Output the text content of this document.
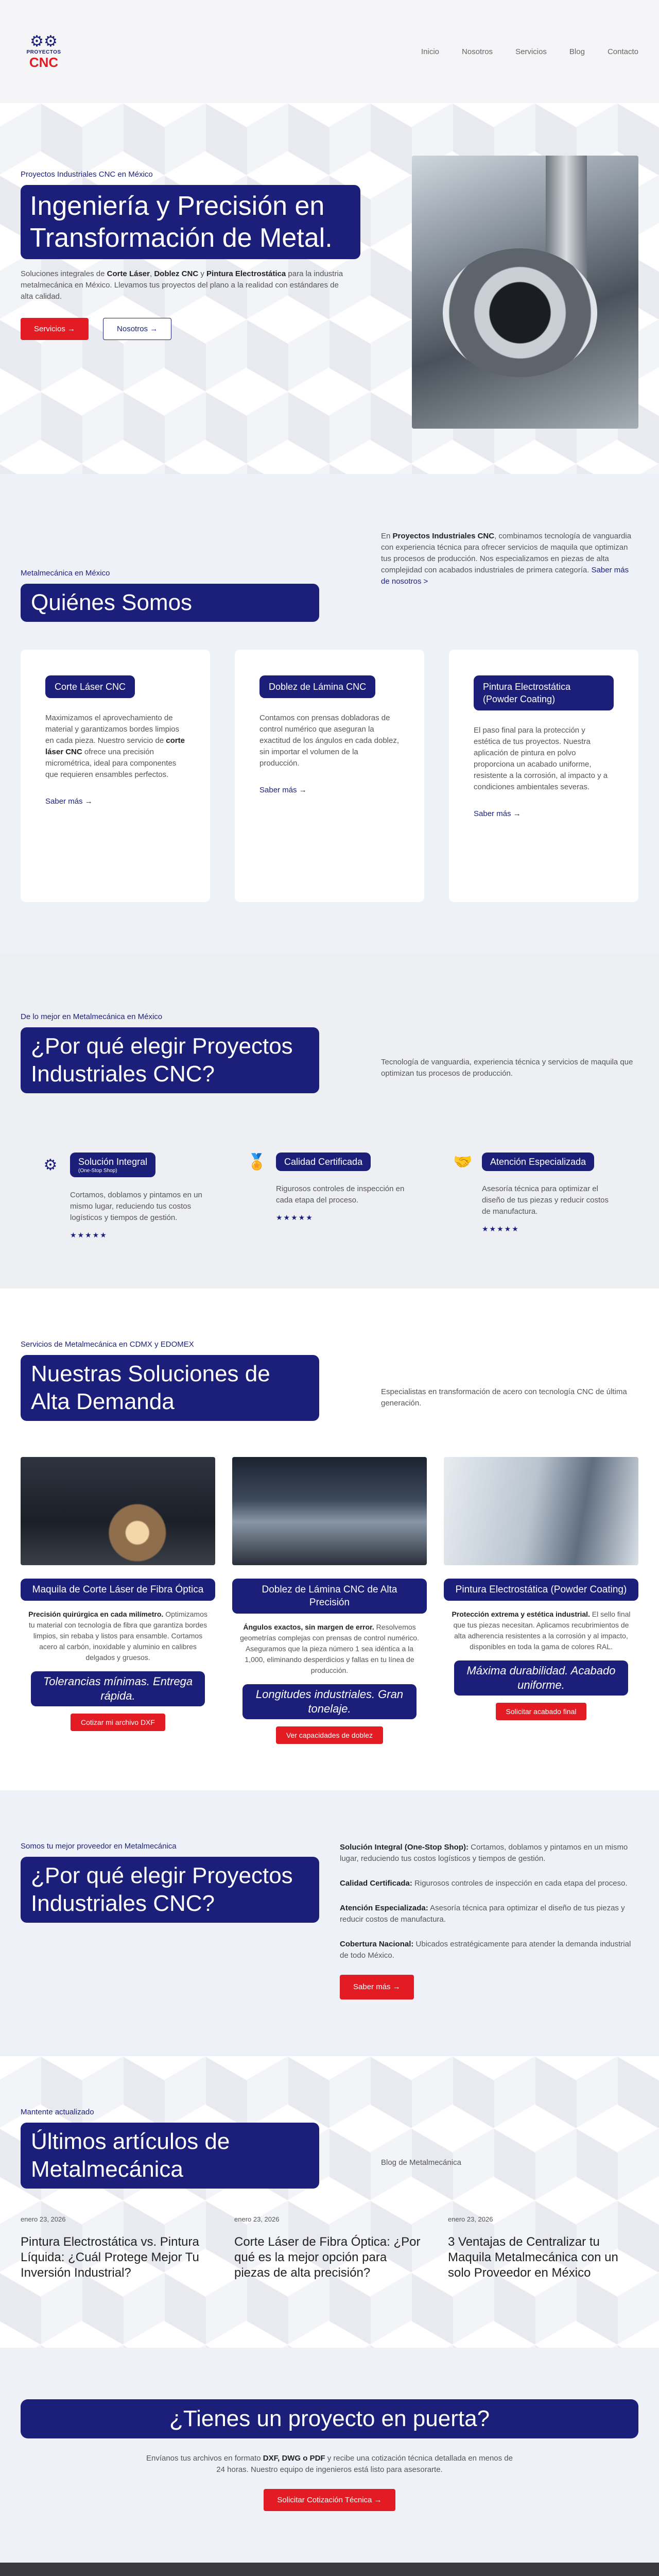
⚙⚙
PROYECTOS
CNC
Inicio	Nosotros	Servicios	Blog	Contacto
Proyectos Industriales CNC en México
Ingeniería y Precisión en Transformación de Metal.

Soluciones integrales de Corte Láser, Doblez CNC y Pintura Electrostática para la industria metalmecánica en México. Llevamos tus proyectos del plano a la realidad con estándares de alta calidad.

Servicios →	Nosotros →
Metalmecánica en México
Quiénes Somos

En Proyectos Industriales CNC, combinamos tecnología de vanguardia con experiencia técnica para ofrecer servicios de maquila que optimizan tus procesos de producción. Nos especializamos en piezas de alta complejidad con acabados industriales de primera categoría. Saber más de nosotros >

Corte Láser CNC

Maximizamos el aprovechamiento de material y garantizamos bordes limpios en cada pieza. Nuestro servicio de corte láser CNC ofrece una precisión micrométrica, ideal para componentes que requieren ensambles perfectos.

Saber más →
Doblez de Lámina CNC

Contamos con prensas dobladoras de control numérico que aseguran la exactitud de los ángulos en cada doblez, sin importar el volumen de la producción.

Saber más →
Pintura Electrostática (Powder Coating)

El paso final para la protección y estética de tus proyectos. Nuestra aplicación de pintura en polvo proporciona un acabado uniforme, resistente a la corrosión, al impacto y a condiciones ambientales severas.

Saber más →
De lo mejor en Metalmecánica en México
¿Por qué elegir Proyectos Industriales CNC?	Tecnología de vanguardia, experiencia técnica y servicios de maquila que optimizan tus procesos de producción.

⚙	Solución Integral
(One-Stop Shop)

Cortamos, doblamos y pintamos en un mismo lugar, reduciendo tus costos logísticos y tiempos de gestión.

★★★★★
🏅	Calidad Certificada

Rigurosos controles de inspección en cada etapa del proceso.

★★★★★
🤝	Atención Especializada

Asesoría técnica para optimizar el diseño de tus piezas y reducir costos de manufactura.

★★★★★
Servicios de Metalmecánica en CDMX y EDOMEX
Nuestras Soluciones de Alta Demanda	Especialistas en transformación de acero con tecnología CNC de última generación.

Maquila de Corte Láser de Fibra Óptica

Precisión quirúrgica en cada milímetro. Optimizamos tu material con tecnología de fibra que garantiza bordes limpios, sin rebaba y listos para ensamble. Cortamos acero al carbón, inoxidable y aluminio en calibres delgados y gruesos.

Tolerancias mínimas. Entrega rápida.
Cotizar mi archivo DXF
Doblez de Lámina CNC de Alta Precisión

Ángulos exactos, sin margen de error. Resolvemos geometrías complejas con prensas de control numérico. Aseguramos que la pieza número 1 sea idéntica a la 1,000, eliminando desperdicios y fallas en tu línea de producción.

Longitudes industriales. Gran tonelaje.
Ver capacidades de doblez
Pintura Electrostática (Powder Coating)

Protección extrema y estética industrial. El sello final que tus piezas necesitan. Aplicamos recubrimientos de alta adherencia resistentes a la corrosión y al impacto, disponibles en toda la gama de colores RAL.

Máxima durabilidad. Acabado uniforme.
Solicitar acabado final
Somos tu mejor proveedor en Metalmecánica
¿Por qué elegir Proyectos Industriales CNC?

Solución Integral (One-Stop Shop): Cortamos, doblamos y pintamos en un mismo lugar, reduciendo tus costos logísticos y tiempos de gestión.

Calidad Certificada: Rigurosos controles de inspección en cada etapa del proceso.

Atención Especializada: Asesoría técnica para optimizar el diseño de tus piezas y reducir costos de manufactura.

Cobertura Nacional: Ubicados estratégicamente para atender la demanda industrial de todo México.

Saber más →
Mantente actualizado
Últimos artículos de Metalmecánica	Blog de Metalmecánica

enero 23, 2026
Pintura Electrostática vs. Pintura Líquida: ¿Cuál Protege Mejor Tu Inversión Industrial?
enero 23, 2026
Corte Láser de Fibra Óptica: ¿Por qué es la mejor opción para piezas de alta precisión?
enero 23, 2026
3 Ventajas de Centralizar tu Maquila Metalmecánica con un solo Proveedor en México
¿Tienes un proyecto en puerta?

Envíanos tus archivos en formato DXF, DWG o PDF y recibe una cotización técnica detallada en menos de 24 horas. Nuestro equipo de ingenieros está listo para asesorarte.

Solicitar Cotización Técnica →
